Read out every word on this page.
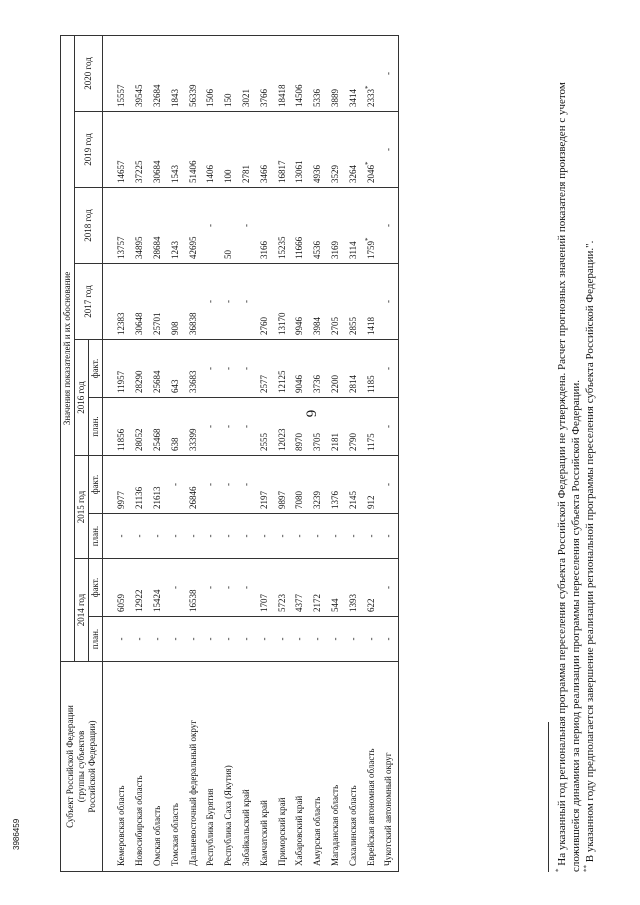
6
Субъект Российской Федерации
(группы субъектов
Российской Федерации)	Значения показателей и их обоснование									
	2014 год		2015 год		2016 год		2017 год	2018 год	2019 год	2020 год
	план.	факт.	план.	факт.	план.	факт.				

Кемеровская область	-	6059	-	9977	11856	11957	12383	13757	14657	15557
Новосибирская область	-	12922	-	21136	28052	28290	30648	34895	37225	39545
Омская область	-	15424	-	21613	25468	25684	25701	28684	30684	32684
Томская область	-	-	-	-	638	643	908	1243	1543	1843
Дальневосточный федеральный округ	-	16538	-	26846	33399	33683	36838	42695	51406	56339
Республика Бурятия	-	-	-	-	-	-	-	-	1406	1506
Республика Саха (Якутия)	-	-	-	-	-	-	-	50	100	150
Забайкальский край	-	-	-	-	-	-	-	-	2781	3021
Камчатский край	-	1707	-	2197	2555	2577	2760	3166	3466	3766
Приморский край	-	5723	-	9897	12023	12125	13170	15235	16817	18418
Хабаровский край	-	4377	-	7080	8970	9046	9946	11666	13061	14506
Амурская область	-	2172	-	3239	3705	3736	3984	4536	4936	5336
Магаданская область	-	544	-	1376	2181	2200	2705	3169	3529	3889
Сахалинская область	-	1393	-	2145	2790	2814	2855	3114	3264	3414
Еврейская автономная область	-	622	-	912	1175	1185	1418	1759*	2046*	2333*
Чукотский автономный округ	-	-	-	-	-	-	-	-	-	-

* На указанный год региональная программа переселения субъекта Российской Федерации не утверждена. Расчет прогнозных значений показателя произведен с учетом сложившейся динамики за период реализации программы переселения субъекта Российской Федерации. ** В указанном году предполагается завершение реализации региональной программы переселения субъекта Российской Федерации.".

3986459
